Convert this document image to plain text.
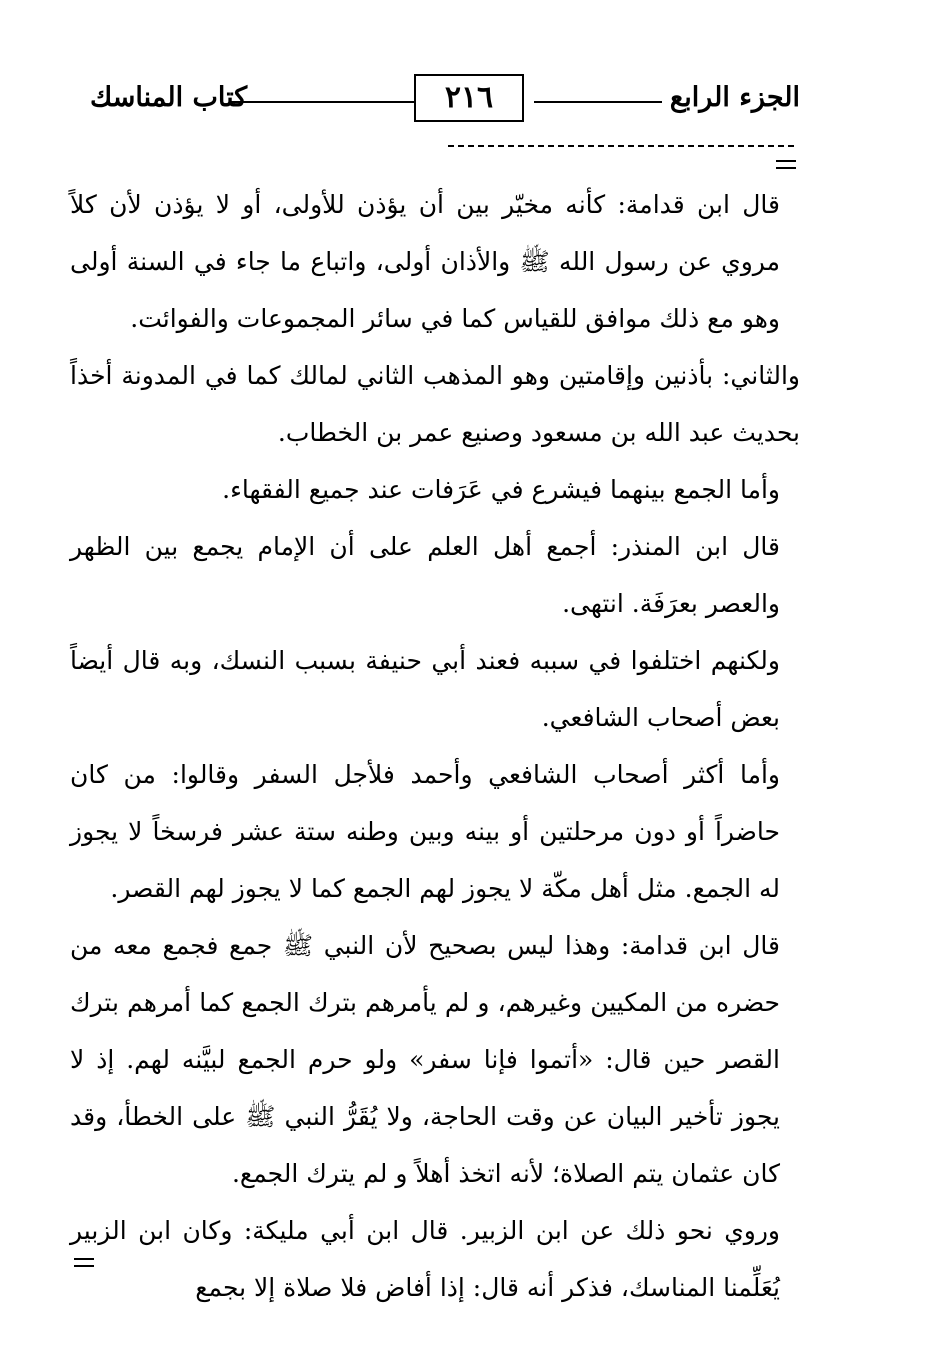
الجزء الرابع
٢١٦
كتاب المناسك

قال ابن قدامة: كأنه مخيّر بين أن يؤذن للأولى، أو لا يؤذن لأن كلاً مروي عن رسول الله ﷺ والأذان أولى، واتباع ما جاء في السنة أولى وهو مع ذلك موافق للقياس كما في سائر المجموعات والفوائت.

والثاني: بأذنين وإقامتين وهو المذهب الثاني لمالك كما في المدونة أخذاً بحديث عبد الله بن مسعود وصنيع عمر بن الخطاب.

وأما الجمع بينهما فيشرع في عَرَفات عند جميع الفقهاء.

قال ابن المنذر: أجمع أهل العلم على أن الإمام يجمع بين الظهر والعصر بعرَفَة. انتهى.

ولكنهم اختلفوا في سببه فعند أبي حنيفة بسبب النسك، وبه قال أيضاً بعض أصحاب الشافعي.

وأما أكثر أصحاب الشافعي وأحمد فلأجل السفر وقالوا: من كان حاضراً أو دون مرحلتين أو بينه وبين وطنه ستة عشر فرسخاً لا يجوز له الجمع. مثل أهل مكّة لا يجوز لهم الجمع كما لا يجوز لهم القصر.

قال ابن قدامة: وهذا ليس بصحيح لأن النبي ﷺ جمع فجمع معه من حضره من المكيين وغيرهم، و لم يأمرهم بترك الجمع كما أمرهم بترك القصر حين قال: «أتموا فإنا سفر» ولو حرم الجمع لبيَّنه لهم. إذ لا يجوز تأخير البيان عن وقت الحاجة، ولا يُقَرُّ النبي ﷺ على الخطأ، وقد كان عثمان يتم الصلاة؛ لأنه اتخذ أهلاً و لم يترك الجمع.

وروي نحو ذلك عن ابن الزبير. قال ابن أبي مليكة: وكان ابن الزبير يُعَلِّمنا المناسك، فذكر أنه قال: إذا أفاض فلا صلاة إلا بجمع
